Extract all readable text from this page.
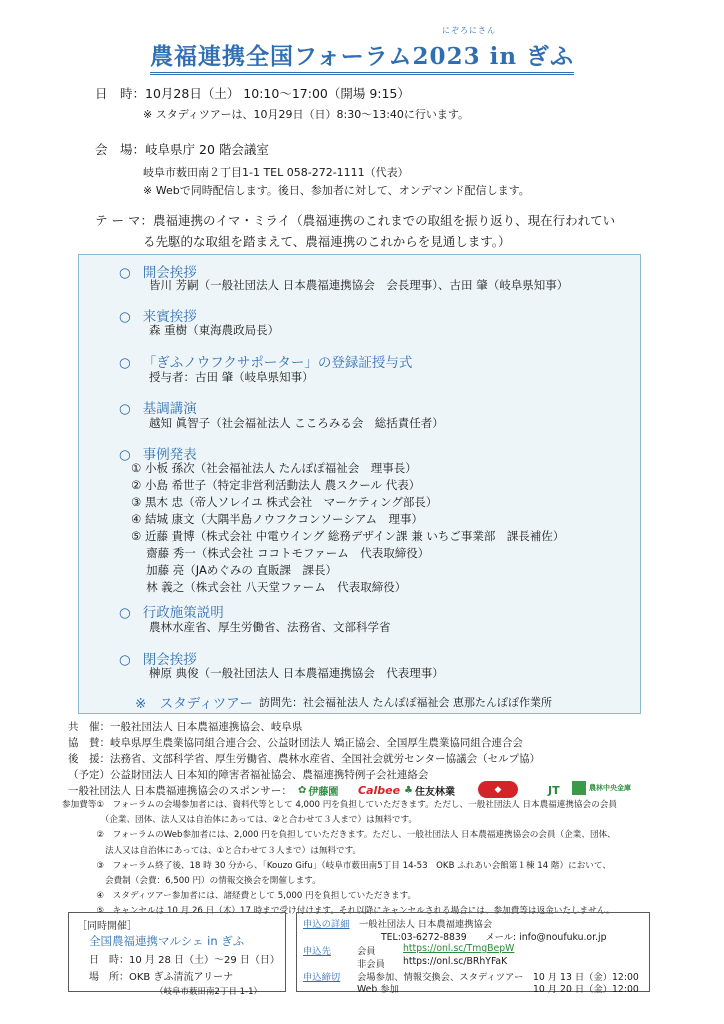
にぞろにさん
農福連携全国フォーラム2023 in ぎふ
日　時：10月28日（土） 10:10～17:00（開場 9:15）
※ スタディツアーは、10月29日（日）8:30～13:40に行います。
会　場：岐阜県庁 20 階会議室
岐阜市薮田南２丁目1-1 TEL 058-272-1111（代表）
※ Webで同時配信します。後日、参加者に対して、オンデマンド配信します。
テ ー マ：農福連携のイマ・ミライ（農福連携のこれまでの取組を振り返り、現在行われてい
る先駆的な取組を踏まえて、農福連携のこれからを見通します。）
○ 開会挨拶
皆川 芳嗣（一般社団法人 日本農福連携協会　会長理事）、古田 肇（岐阜県知事）
○ 来賓挨拶
森 重樹（東海農政局長）
○ 「ぎふノウフクサポーター」の登録証授与式
授与者：古田 肇（岐阜県知事）
○ 基調講演
越知 眞智子（社会福祉法人 こころみる会　総括責任者）
○ 事例発表
① 小板 孫次（社会福祉法人 たんぽぽ福祉会　理事長）
② 小島 希世子（特定非営利活動法人 農スクール 代表）
③ 黒木 忠（帝人ソレイユ 株式会社　マーケティング部長）
④ 結城 康文（大隅半島ノウフクコンソーシアム　理事）
⑤ 近藤 貴博（株式会社 中電ウイング 総務デザイン課 兼 いちご事業部　課長補佐）
　 齋藤 秀一（株式会社 ココトモファーム　代表取締役）
　 加藤 亮（JAめぐみの 直販課　課長）
　 林 義之（株式会社 八天堂ファーム　代表取締役）
○ 行政施策説明
農林水産省、厚生労働省、法務省、文部科学省
○ 閉会挨拶
榊原 典俊（一般社団法人 日本農福連携協会　代表理事）
※　スタディツアー 訪問先：社会福祉法人 たんぽぽ福祉会 恵那たんぽぽ作業所
共　催：一般社団法人 日本農福連携協会、岐阜県
協　賛：岐阜県厚生農業協同組合連合会、公益財団法人 矯正協会、全国厚生農業協同組合連合会
後　援：法務省、文部科学省、厚生労働省、農林水産省、全国社会就労センター協議会（セルプ協）
（予定）公益財団法人 日本知的障害者福祉協会、農福連携特例子会社連絡会
一般社団法人 日本農福連携協会のスポンサー： ✿ 伊藤園 Calbee ♣ 住友林業	◆	JT	農林中央金庫
参加費等①　フォーラムの会場参加者には、資料代等として 4,000 円を負担していただきます。ただし、一般社団法人 日本農福連携協会の会員
　　　　　（企業、団体、法人又は自治体にあっては、②と合わせて３人まで）は無料です。
　　　　②　フォーラムのWeb参加者には、2,000 円を負担していただきます。ただし、一般社団法人 日本農福連携協会の会員（企業、団体、
　　　　　法人又は自治体にあっては、①と合わせて３人まで）は無料です。
　　　　③　フォーラム終了後、18 時 30 分から、「Kouzo Gifu」（岐阜市薮田南5丁目 14-53　OKB ふれあい会館第１棟 14 階）において、
　　　　　会費制（会費：6,500 円）の情報交換会を開催します。
　　　　④　スタディツアー参加者には、諸経費として 5,000 円を負担していただきます。
　　　　⑤　キャンセルは 10 月 26 日（木）17 時まで受け付けます。それ以降にキャンセルされる場合には、参加費等は返金いたしません。
［同時開催］
全国農福連携マルシェ in ぎふ
日　時：10 月 28 日（土）～29 日（日）
場　所：OKB ぎふ清流アリーナ
（岐阜市薮田南2丁目 1-1）
申込の詳細 一般社団法人 日本農福連携協会
TEL:03-6272-8839　　メール: info@noufuku.or.jp
申込先	会員	https://onl.sc/TmgBepW
非会員 https://onl.sc/BRhYFaK
申込締切 会場参加、情報交換会、スタディツアー 10 月 13 日（金）12:00
Web 参加	10 月 20 日（金）12:00
